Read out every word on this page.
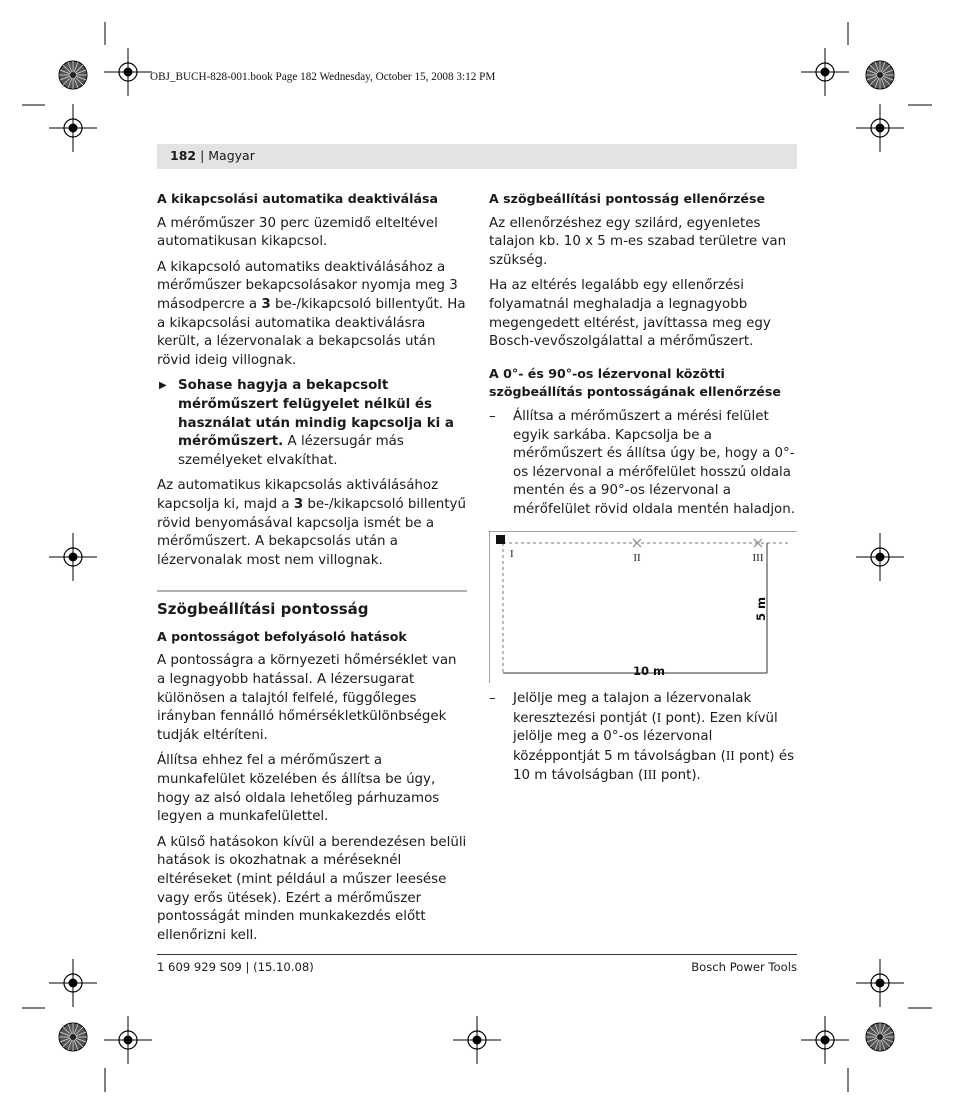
OBJ_BUCH-828-001.book Page 182 Wednesday, October 15, 2008 3:12 PM
182 | Magyar
A kikapcsolási automatika deaktiválása

A mérőműszer 30 perc üzemidő elteltével automatikusan kikapcsol.

A kikapcsoló automatiks deaktiválásához a mérőműszer bekapcsolásakor nyomja meg 3 másodpercre a 3 be-/kikapcsoló billentyűt. Ha a kikapcsolási automatika deaktiválásra került, a lézervonalak a bekapcsolás után rövid ideig villognak.

▶ Sohase hagyja a bekapcsolt mérőműszert felügyelet nélkül és használat után mindig kapcsolja ki a mérőműszert. A lézersugár más személyeket elvakíthat.

Az automatikus kikapcsolás aktiválásához kapcsolja ki, majd a 3 be-/kikapcsoló billentyű rövid benyomásával kapcsolja ismét be a mérőműszert. A bekapcsolás után a lézervonalak most nem villognak.

Szögbeállítási pontosság
A pontosságot befolyásoló hatások

A pontosságra a környezeti hőmérséklet van a legnagyobb hatással. A lézersugarat különösen a talajtól felfelé, függőleges irányban fennálló hőmérsékletkülönbségek tudják eltéríteni.

Állítsa ehhez fel a mérőműszert a munkafelület közelében és állítsa be úgy, hogy az alsó oldala lehetőleg párhuzamos legyen a munkafelülettel.

A külső hatásokon kívül a berendezésen belüli hatások is okozhatnak a méréseknél eltéréseket (mint például a műszer leesése vagy erős ütések). Ezért a mérőműszer pontosságát minden munkakezdés előtt ellenőrizni kell.

A szögbeállítási pontosság ellenőrzése

Az ellenőrzéshez egy szilárd, egyenletes talajon kb. 10 x 5 m-es szabad területre van szükség.

Ha az eltérés legalább egy ellenőrzési folyamatnál meghaladja a legnagyobb megengedett eltérést, javíttassa meg egy Bosch-vevőszolgálattal a mérőműszert.

A 0°- és 90°-os lézervonal közötti szögbeállítás pontosságának ellenőrzése
– Állítsa a mérőműszert a mérési felület egyik sarkába. Kapcsolja be a mérőműszert és állítsa úgy be, hogy a 0°-os lézervonal a mérőfelület hosszú oldala mentén és a 90°-os lézervonal a mérőfelület rövid oldala mentén haladjon.
I	II	III
10 m
5 m
– Jelölje meg a talajon a lézervonalak keresztezési pontját (I pont). Ezen kívül jelölje meg a 0°-os lézervonal középpontját 5 m távolságban (II pont) és 10 m távolságban (III pont).
1 609 929 S09 | (15.10.08)	Bosch Power Tools
